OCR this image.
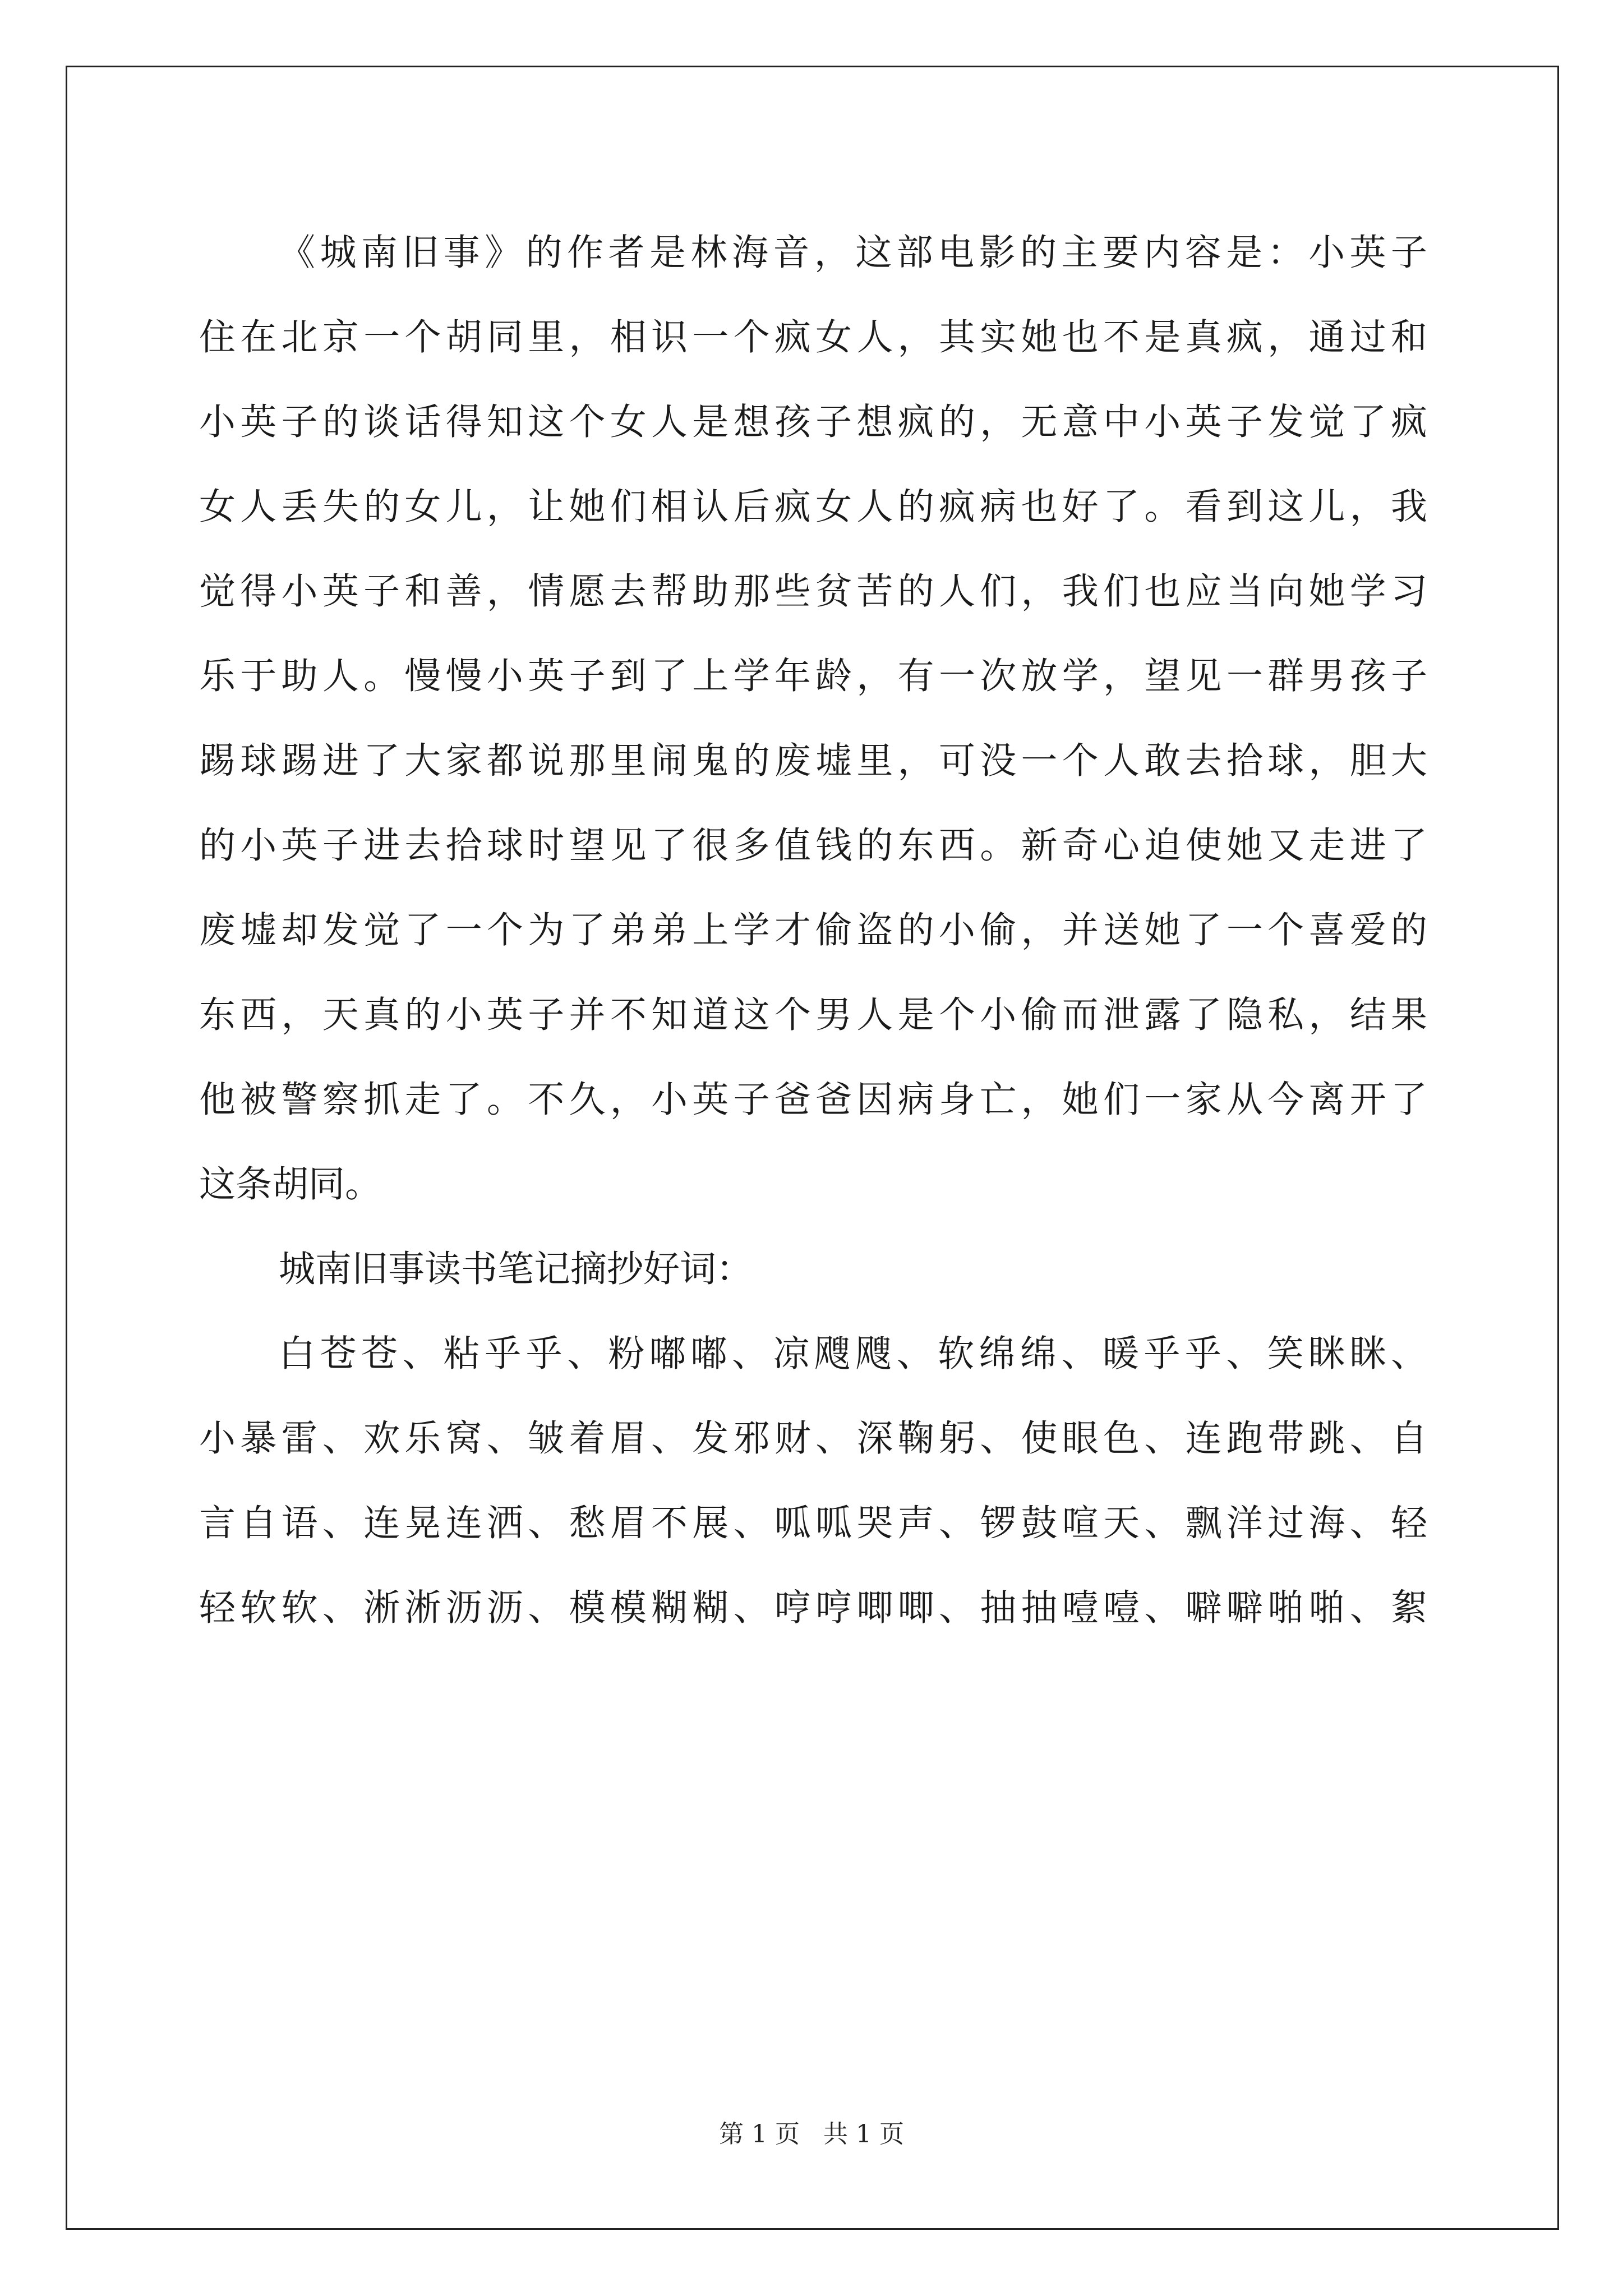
《城南旧事》的作者是林海音，这部电影的主要内容是：小英子
住在北京一个胡同里，相识一个疯女人，其实她也不是真疯，通过和
小英子的谈话得知这个女人是想孩子想疯的，无意中小英子发觉了疯
女人丢失的女儿，让她们相认后疯女人的疯病也好了。看到这儿，我
觉得小英子和善，情愿去帮助那些贫苦的人们，我们也应当向她学习
乐于助人。慢慢小英子到了上学年龄，有一次放学，望见一群男孩子
踢球踢进了大家都说那里闹鬼的废墟里，可没一个人敢去拾球，胆大
的小英子进去拾球时望见了很多值钱的东西。新奇心迫使她又走进了
废墟却发觉了一个为了弟弟上学才偷盗的小偷，并送她了一个喜爱的
东西，天真的小英子并不知道这个男人是个小偷而泄露了隐私，结果
他被警察抓走了。不久，小英子爸爸因病身亡，她们一家从今离开了
这条胡同。
城南旧事读书笔记摘抄好词：
白苍苍、粘乎乎、粉嘟嘟、凉飕飕、软绵绵、暖乎乎、笑眯眯、
小暴雷、欢乐窝、皱着眉、发邪财、深鞠躬、使眼色、连跑带跳、自
言自语、连晃连洒、愁眉不展、呱呱哭声、锣鼓喧天、飘洋过海、轻
轻软软、淅淅沥沥、模模糊糊、哼哼唧唧、抽抽噎噎、噼噼啪啪、絮
第 1 页 共 1 页
